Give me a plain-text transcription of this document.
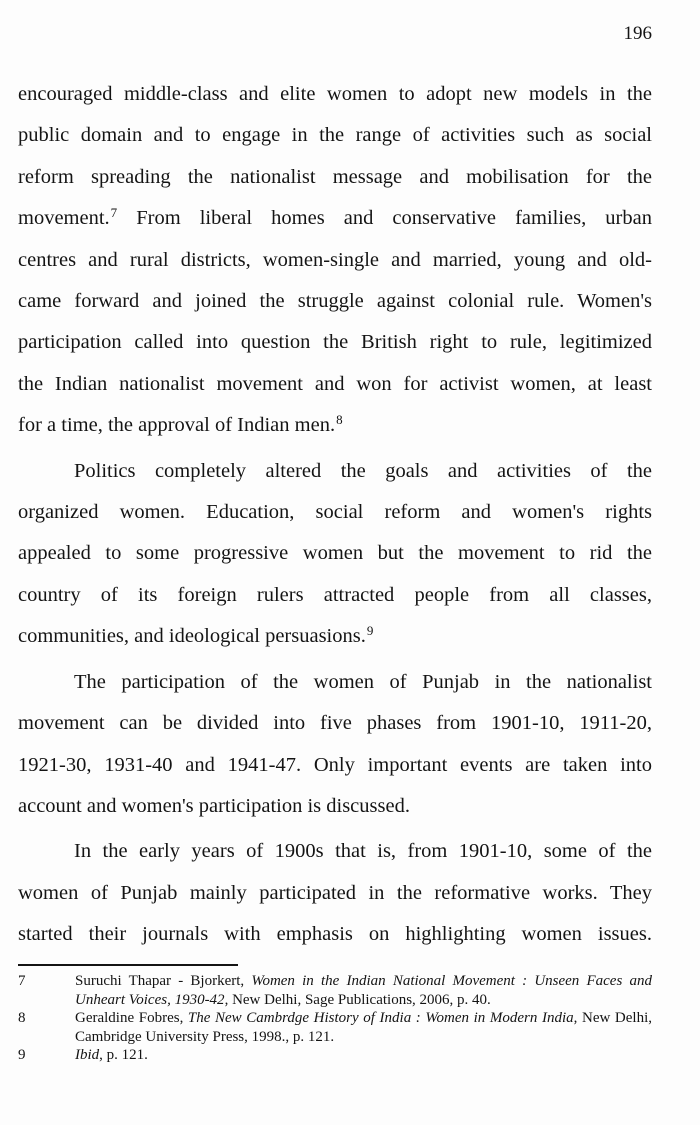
196
encouraged middle-class and elite women to adopt new models in the
public domain and to engage in the range of activities such as social
reform spreading the nationalist message and mobilisation for the
movement.$^7$ From liberal homes and conservative families, urban
centres and rural districts, women-single and married, young and old-
came forward and joined the struggle against colonial rule. Women's
participation called into question the British right to rule, legitimized
the Indian nationalist movement and won for activist women, at least
for a time, the approval of Indian men.$^8$
Politics completely altered the goals and activities of the
organized women. Education, social reform and women's rights
appealed to some progressive women but the movement to rid the
country of its foreign rulers attracted people from all classes,
communities, and ideological persuasions.$^9$
The participation of the women of Punjab in the nationalist
movement can be divided into five phases from 1901-10, 1911-20,
1921-30, 1931-40 and 1941-47. Only important events are taken into
account and women's participation is discussed.
In the early years of 1900s that is, from 1901-10, some of the
women of Punjab mainly participated in the reformative works. They
started their journals with emphasis on highlighting women issues.
7	Suruchi Thapar - Bjorkert, Women in the Indian National Movement : Unseen Faces and
Unheart Voices, 1930-42, New Delhi, Sage Publications, 2006, p. 40.
8	Geraldine Fobres, The New Cambrdge History of India : Women in Modern India, New Delhi,
Cambridge University Press, 1998., p. 121.
9	Ibid, p. 121.
